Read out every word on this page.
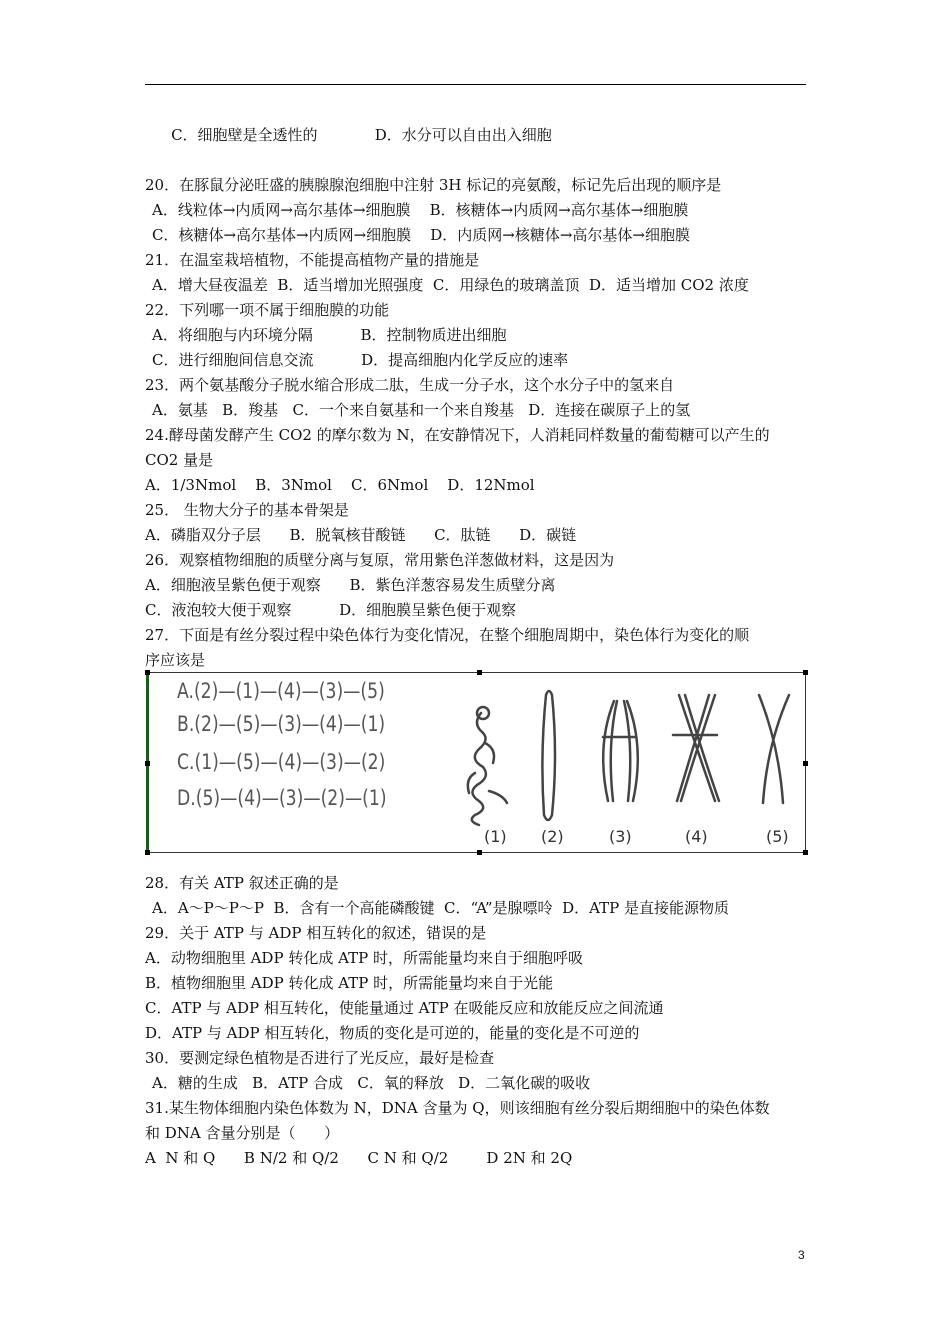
C．细胞壁是全透性的            D．水分可以自由出入细胞
20．在豚鼠分泌旺盛的胰腺腺泡细胞中注射 3H 标记的亮氨酸，标记先后出现的顺序是
A．线粒体→内质网→高尔基体→细胞膜    B．核糖体→内质网→高尔基体→细胞膜
C．核糖体→高尔基体→内质网→细胞膜    D．内质网→核糖体→高尔基体→细胞膜
21．在温室栽培植物，不能提高植物产量的措施是
A．增大昼夜温差  B．适当增加光照强度  C．用绿色的玻璃盖顶  D．适当增加 CO2 浓度
22．下列哪一项不属于细胞膜的功能
A．将细胞与内环境分隔          B．控制物质进出细胞
C．进行细胞间信息交流          D．提高细胞内化学反应的速率
23．两个氨基酸分子脱水缩合形成二肽，生成一分子水，这个水分子中的氢来自
A．氨基   B．羧基   C．一个来自氨基和一个来自羧基   D．连接在碳原子上的氢
24.酵母菌发酵产生 CO2 的摩尔数为 N，在安静情况下，人消耗同样数量的葡萄糖可以产生的
CO2 量是
A．1/3Nmol    B．3Nmol    C．6Nmol    D．12Nmol
25． 生物大分子的基本骨架是
A．磷脂双分子层      B．脱氧核苷酸链      C．肽链      D．碳链
26．观察植物细胞的质壁分离与复原，常用紫色洋葱做材料，这是因为
A．细胞液呈紫色便于观察      B．紫色洋葱容易发生质壁分离
C．液泡较大便于观察          D．细胞膜呈紫色便于观察
27．下面是有丝分裂过程中染色体行为变化情况，在整个细胞周期中，染色体行为变化的顺
序应该是
28．有关 ATP 叙述正确的是
A．A～P～P～P  B．含有一个高能磷酸键  C．“A”是腺嘌呤  D．ATP 是直接能源物质
29．关于 ATP 与 ADP 相互转化的叙述，错误的是
A．动物细胞里 ADP 转化成 ATP 时，所需能量均来自于细胞呼吸
B．植物细胞里 ADP 转化成 ATP 时，所需能量均来自于光能
C．ATP 与 ADP 相互转化，使能量通过 ATP 在吸能反应和放能反应之间流通
D．ATP 与 ADP 相互转化，物质的变化是可逆的，能量的变化是不可逆的
30．要测定绿色植物是否进行了光反应，最好是检查
A．糖的生成   B．ATP 合成   C．氧的释放   D．二氧化碳的吸收
31.某生物体细胞内染色体数为 N，DNA 含量为 Q，则该细胞有丝分裂后期细胞中的染色体数
和 DNA 含量分别是（      ）
A  N 和 Q      B N/2 和 Q/2      C N 和 Q/2        D 2N 和 2Q
A.(2)—(1)—(4)—(3)—(5)
B.(2)—(5)—(3)—(4)—(1)
C.(1)—(5)—(4)—(3)—(2)
D.(5)—(4)—(3)—(2)—(1)
(1) (2)	(3)	(4)	(5)
3
